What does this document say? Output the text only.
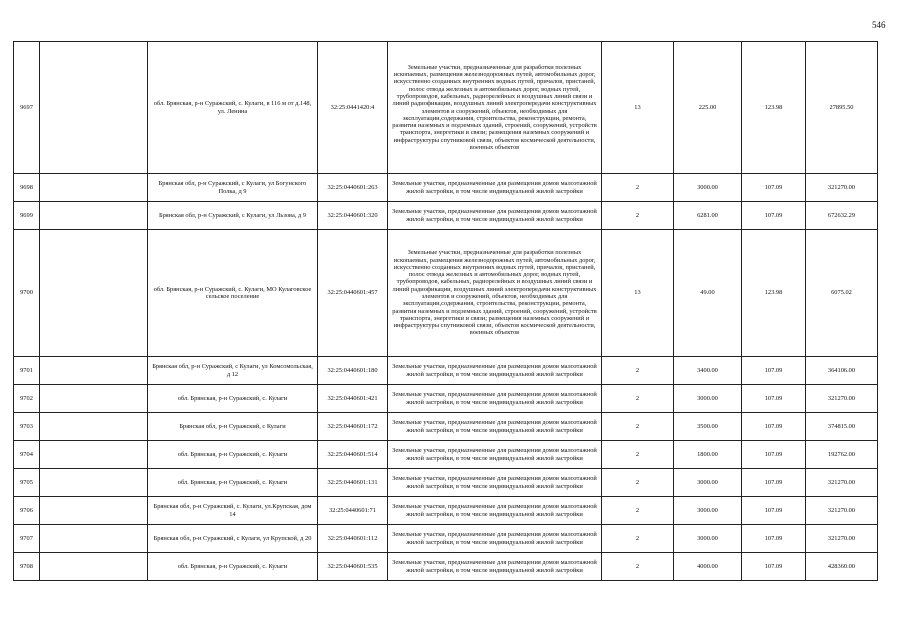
546
9697		обл. Брянская, р-н Суражский, с. Кулаги, в 116 м от д.148, ул. Ленина	32:25:0441420:4	Земельные участки, предназначенные для разработки полезных ископаемых, размещения железнодорожных путей, автомобильных дорог, искусственно созданных внутренних водных путей, причалов, пристаней, полос отвода железных и автомобильных дорог, водных путей, трубопроводов, кабельных, радиорелейных и воздушных линий связи и линий радиофикации, воздушных линий электропередачи конструктивных элементов и сооружений, объектов, необходимых для эксплуатации,содержания, строительства, реконструкции, ремонта, развития наземных и подземных зданий, строений, сооружений, устройств транспорта, энергетики и связи; размещения наземных сооружений и инфраструктуры спутниковой связи, объектов космической деятельности, военных объектов	13	225.00	123.98	27895.50
9698		Брянская обл, р-н Суражский, с Кулаги, ул Богунского Полка, д 9	32:25:0440601:263	Земельные участки, предназначенные для размещения домов малоэтажной жилой застройки, в том числе индивидуальной жилой застройки	2	3000.00	107.09	321270.00
9699		Брянская обл, р-н Суражский, с Кулаги, ул Льзова, д 9	32:25:0440601:320	Земельные участки, предназначенные для размещения домов малоэтажной жилой застройки, в том числе индивидуальной жилой застройки	2	6281.00	107.09	672632.29
9700		обл. Брянская, р-н Суражский, с. Кулаги, МО Кулаговское сельское поселение	32:25:0440601:457	Земельные участки, предназначенные для разработки полезных ископаемых, размещения железнодорожных путей, автомобильных дорог, искусственно созданных внутренних водных путей, причалов, пристаней, полос отвода железных и автомобильных дорог, водных путей, трубопроводов, кабельных, радиорелейных и воздушных линий связи и линий радиофикации, воздушных линий электропередачи конструктивных элементов и сооружений, объектов, необходимых для эксплуатации,содержания, строительства, реконструкции, ремонта, развития наземных и подземных зданий, строений, сооружений, устройств транспорта, энергетики и связи; размещения наземных сооружений и инфраструктуры спутниковой связи, объектов космической деятельности, военных объектов	13	49.00	123.98	6075.02
9701		Брянская обл, р-н Суражский, с Кулаги, ул Комсомольская, д 12	32:25:0440601:180	Земельные участки, предназначенные для размещения домов малоэтажной жилой застройки, в том числе индивидуальной жилой застройки	2	3400.00	107.09	364106.00
9702		обл. Брянская, р-н Суражский, с. Кулаги	32:25:0440601:421	Земельные участки, предназначенные для размещения домов малоэтажной жилой застройки, в том числе индивидуальной жилой застройки	2	3000.00	107.09	321270.00
9703		Брянская обл, р-н Суражский, с Кулаги	32:25:0440601:172	Земельные участки, предназначенные для размещения домов малоэтажной жилой застройки, в том числе индивидуальной жилой застройки	2	3500.00	107.09	374815.00
9704		обл. Брянская, р-н Суражский, с. Кулаги	32:25:0440601:514	Земельные участки, предназначенные для размещения домов малоэтажной жилой застройки, в том числе индивидуальной жилой застройки	2	1800.00	107.09	192762.00
9705		обл. Брянская, р-н Суражский, с. Кулаги	32:25:0440601:131	Земельные участки, предназначенные для размещения домов малоэтажной жилой застройки, в том числе индивидуальной жилой застройки	2	3000.00	107.09	321270.00
9706		Брянская обл, р-н Суражский, с. Кулаги, ул.Крупская, дом 14	32:25:0440601:71	Земельные участки, предназначенные для размещения домов малоэтажной жилой застройки, в том числе индивидуальной жилой застройки	2	3000.00	107.09	321270.00
9707		Брянская обл, р-н Суражский, с Кулаги, ул Крупской, д 20	32:25:0440601:112	Земельные участки, предназначенные для размещения домов малоэтажной жилой застройки, в том числе индивидуальной жилой застройки	2	3000.00	107.09	321270.00
9708		обл. Брянская, р-н Суражский, с. Кулаги	32:25:0440601:535	Земельные участки, предназначенные для размещения домов малоэтажной жилой застройки, в том числе индивидуальной жилой застройки	2	4000.00	107.09	428360.00
